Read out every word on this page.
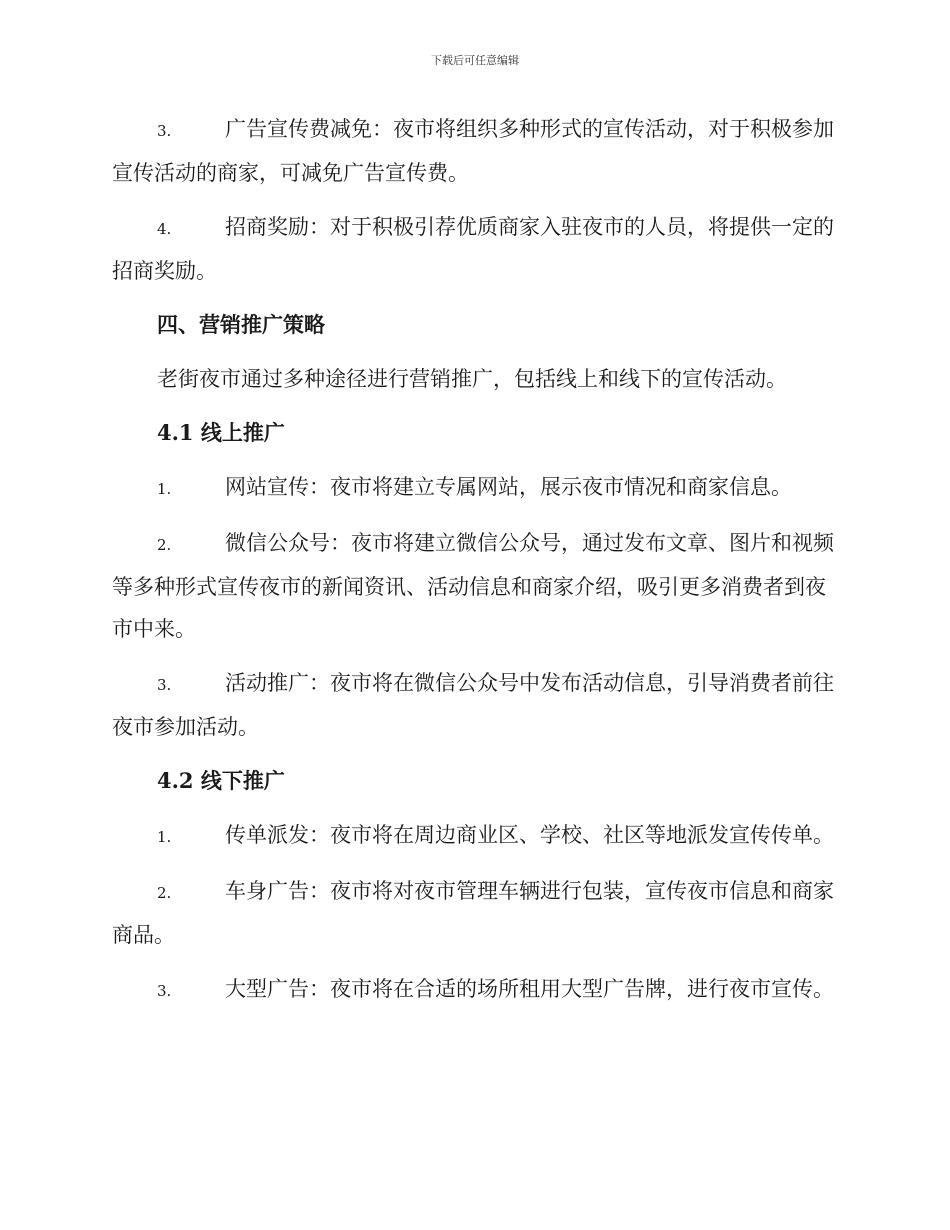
下载后可任意编辑

3.	广告宣传费减免：夜市将组织多种形式的宣传活动，对于积极参加宣传活动的商家，可减免广告宣传费。

4.	招商奖励：对于积极引荐优质商家入驻夜市的人员，将提供一定的招商奖励。

四、营销推广策略

老街夜市通过多种途径进行营销推广，包括线上和线下的宣传活动。

4.1 线上推广

1.	网站宣传：夜市将建立专属网站，展示夜市情况和商家信息。

2.	微信公众号：夜市将建立微信公众号，通过发布文章、图片和视频等多种形式宣传夜市的新闻资讯、活动信息和商家介绍，吸引更多消费者到夜市中来。

3.	活动推广：夜市将在微信公众号中发布活动信息，引导消费者前往夜市参加活动。

4.2 线下推广

1.	传单派发：夜市将在周边商业区、学校、社区等地派发宣传传单。

2.	车身广告：夜市将对夜市管理车辆进行包装，宣传夜市信息和商家商品。

3.	大型广告：夜市将在合适的场所租用大型广告牌，进行夜市宣传。
